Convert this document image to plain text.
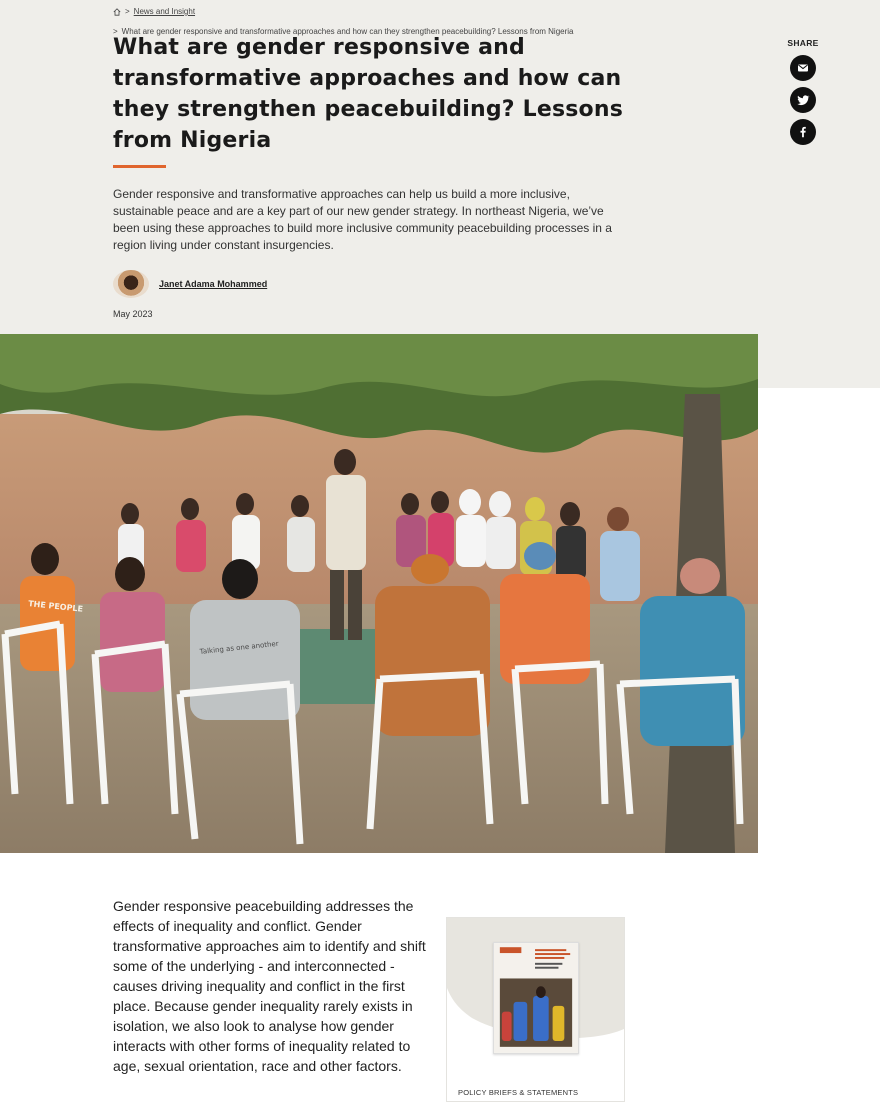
> News and Insight
> What are gender responsive and transformative approaches and how can they strengthen peacebuilding? Lessons from Nigeria
What are gender responsive and transformative approaches and how can they strengthen peacebuilding? Lessons from Nigeria

Gender responsive and transformative approaches can help us build a more inclusive, sustainable peace and are a key part of our new gender strategy. In northeast Nigeria, we’ve been using these approaches to build more inclusive community peacebuilding processes in a region living under constant insurgencies.

Janet Adama Mohammed
May 2023
SHARE
Talking as one another
THE PEOPLE

Gender responsive peacebuilding addresses the effects of inequality and conflict. Gender transformative approaches aim to identify and shift some of the underlying - and interconnected - causes driving inequality and conflict in the first place. Because gender inequality rarely exists in isolation, we also look to analyse how gender interacts with other forms of inequality related to age, sexual orientation, race and other factors.

POLICY BRIEFS & STATEMENTS
